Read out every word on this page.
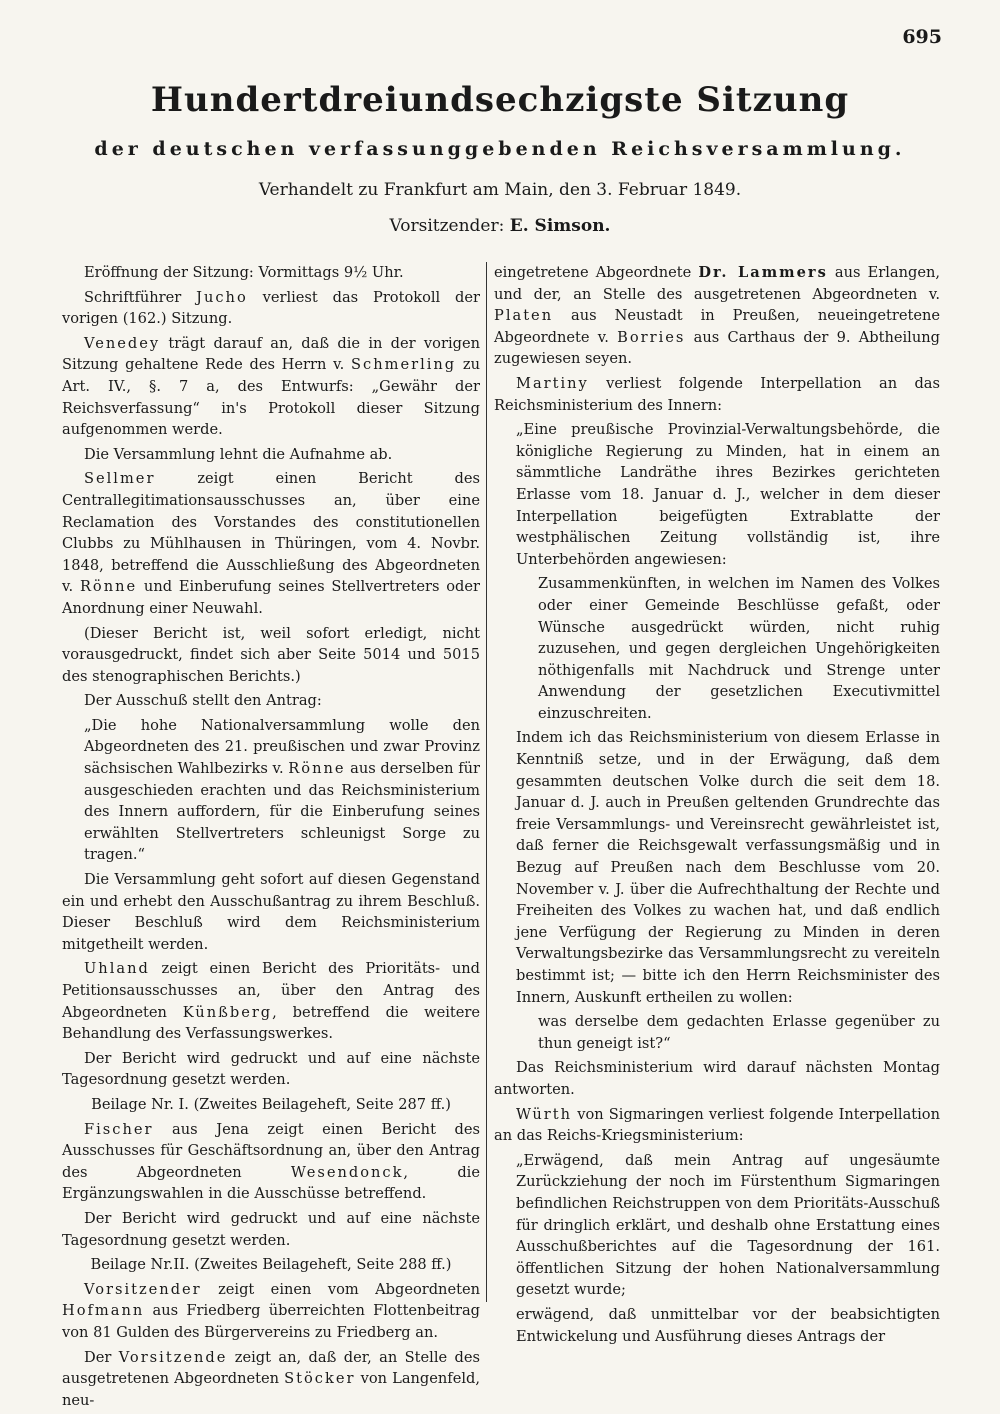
695
Hundertdreiundsechzigste Sitzung
der deutschen verfassunggebenden Reichsversammlung.
Verhandelt zu Frankfurt am Main, den 3. Februar 1849.
Vorsitzender: E. Simson.

Eröffnung der Sitzung: Vormittags 9½ Uhr.

Schriftführer Jucho verliest das Protokoll der vorigen (162.) Sitzung.

Venedey trägt darauf an, daß die in der vorigen Sitzung gehaltene Rede des Herrn v. Schmerling zu Art. IV., §. 7 a, des Entwurfs: „Gewähr der Reichsverfassung“ in's Protokoll dieser Sitzung aufgenommen werde.

Die Versammlung lehnt die Aufnahme ab.

Sellmer zeigt einen Bericht des Centrallegitimationsausschusses an, über eine Reclamation des Vorstandes des constitutionellen Clubbs zu Mühlhausen in Thüringen, vom 4. Novbr. 1848, betreffend die Ausschließung des Abgeordneten v. Rönne und Einberufung seines Stellvertreters oder Anordnung einer Neuwahl.

(Dieser Bericht ist, weil sofort erledigt, nicht vorausgedruckt, findet sich aber Seite 5014 und 5015 des stenographischen Berichts.)

Der Ausschuß stellt den Antrag:

„Die hohe Nationalversammlung wolle den Abgeordneten des 21. preußischen und zwar Provinz sächsischen Wahlbezirks v. Rönne aus derselben für ausgeschieden erachten und das Reichsministerium des Innern auffordern, für die Einberufung seines erwählten Stellvertreters schleunigst Sorge zu tragen.“

Die Versammlung geht sofort auf diesen Gegenstand ein und erhebt den Ausschußantrag zu ihrem Beschluß. Dieser Beschluß wird dem Reichsministerium mitgetheilt werden.

Uhland zeigt einen Bericht des Prioritäts- und Petitionsausschusses an, über den Antrag des Abgeordneten Künßberg, betreffend die weitere Behandlung des Verfassungswerkes.

Der Bericht wird gedruckt und auf eine nächste Tagesordnung gesetzt werden.

Beilage Nr. I. (Zweites Beilageheft, Seite 287 ff.)

Fischer aus Jena zeigt einen Bericht des Ausschusses für Geschäftsordnung an, über den Antrag des Abgeordneten Wesendonck, die Ergänzungswahlen in die Ausschüsse betreffend.

Der Bericht wird gedruckt und auf eine nächste Tagesordnung gesetzt werden.

Beilage Nr.II. (Zweites Beilageheft, Seite 288 ff.)

Vorsitzender zeigt einen vom Abgeordneten Hofmann aus Friedberg überreichten Flottenbeitrag von 81 Gulden des Bürgervereins zu Friedberg an.

Der Vorsitzende zeigt an, daß der, an Stelle des ausgetretenen Abgeordneten Stöcker von Langenfeld, neu-

eingetretene Abgeordnete Dr. Lammers aus Erlangen, und der, an Stelle des ausgetretenen Abgeordneten v. Platen aus Neustadt in Preußen, neueingetretene Abgeordnete v. Borries aus Carthaus der 9. Abtheilung zugewiesen seyen.

Martiny verliest folgende Interpellation an das Reichsministerium des Innern:

„Eine preußische Provinzial-Verwaltungsbehörde, die königliche Regierung zu Minden, hat in einem an sämmtliche Landräthe ihres Bezirkes gerichteten Erlasse vom 18. Januar d. J., welcher in dem dieser Interpellation beigefügten Extrablatte der westphälischen Zeitung vollständig ist, ihre Unterbehörden angewiesen:

Zusammenkünften, in welchen im Namen des Volkes oder einer Gemeinde Beschlüsse gefaßt, oder Wünsche ausgedrückt würden, nicht ruhig zuzusehen, und gegen dergleichen Ungehörigkeiten nöthigenfalls mit Nachdruck und Strenge unter Anwendung der gesetzlichen Executivmittel einzuschreiten.

Indem ich das Reichsministerium von diesem Erlasse in Kenntniß setze, und in der Erwägung, daß dem gesammten deutschen Volke durch die seit dem 18. Januar d. J. auch in Preußen geltenden Grundrechte das freie Versammlungs- und Vereinsrecht gewährleistet ist, daß ferner die Reichsgewalt verfassungsmäßig und in Bezug auf Preußen nach dem Beschlusse vom 20. November v. J. über die Aufrechthaltung der Rechte und Freiheiten des Volkes zu wachen hat, und daß endlich jene Verfügung der Regierung zu Minden in deren Verwaltungsbezirke das Versammlungsrecht zu vereiteln bestimmt ist; — bitte ich den Herrn Reichsminister des Innern, Auskunft ertheilen zu wollen:

was derselbe dem gedachten Erlasse gegenüber zu thun geneigt ist?“

Das Reichsministerium wird darauf nächsten Montag antworten.

Würth von Sigmaringen verliest folgende Interpellation an das Reichs-Kriegsministerium:

„Erwägend, daß mein Antrag auf ungesäumte Zurückziehung der noch im Fürstenthum Sigmaringen befindlichen Reichstruppen von dem Prioritäts-Ausschuß für dringlich erklärt, und deshalb ohne Erstattung eines Ausschußberichtes auf die Tagesordnung der 161. öffentlichen Sitzung der hohen Nationalversammlung gesetzt wurde;

erwägend, daß unmittelbar vor der beabsichtigten Entwickelung und Ausführung dieses Antrags der
